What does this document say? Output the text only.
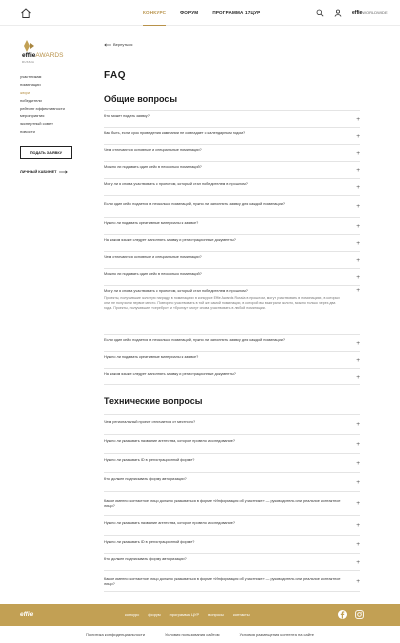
КОНКУРС	ФОРУМ	ПРОГРАММА 17ЦУР	effieWORLDWIDE
effieAWARDS
RUSSIA
участникам
номинации
жюри
победители
рейтинг эффективности
мероприятия
экспертный совет
новости
ПОДАТЬ ЗАЯВКУ
ЛИЧНЫЙ КАБИНЕТ
Вернуться
FAQ
Общие вопросы
Кто может подать заявку?	+
Как быть, если срок проведения кампании не совпадает с календарным годом?	+
Чем отличаются основные и специальные номинации?	+
Можно ли подавать один кейс в несколько номинаций?	+
Могу ли я снова участвовать с проектом, который стал победителем в прошлом?	+
Если один кейс подается в несколько номинаций, нужно ли заполнять заявку для каждой номинации?	+
Нужно ли подавать креативные материалы к заявке?	+
На каком языке следует заполнять заявку и регистрационные документы?	+
Чем отличаются основные и специальные номинации?	+
Можно ли подавать один кейс в несколько номинаций?	+
Могу ли я снова участвовать с проектом, который стал победителем в прошлом?	+
Проекты, получившие золотую награду в номинациях в конкурсе Effie Awards Russia в прошлом, могут участвовать в номинациях, в которых они не получили первое место. Повторно участвовать в той же самой номинации, в которой вы выиграли золото, можно только через два года. Проекты, получившие «серебро» и «бронзу» могут снова участвовать в любой номинации.
Если один кейс подается в несколько номинаций, нужно ли заполнять заявку для каждой номинации?	+
Нужно ли подавать креативные материалы к заявке?	+
На каком языке следует заполнять заявку и регистрационные документы?	+
Технические вопросы
Чем региональный проект отличается от местного?	+
Нужно ли указывать название агентства, которое провело исследование?	+
Нужно ли указывать ID в регистрационной форме?	+
Кто должен подписывать форму авторизации?	+
Какое именно контактное лицо должно указываться в форме «Информация об участнике» — руководитель или реальное контактное лицо?	+
Нужно ли указывать название агентства, которое провело исследование?	+
Нужно ли указывать ID в регистрационной форме?	+
Кто должен подписывать форму авторизации?	+
Какое именно контактное лицо должно указываться в форме «Информация об участнике» — руководитель или реальное контактное лицо?	+
effie	конкурс форум программа ЦУР вопросы контакты
Политика конфиденциальности	Условия пользования сайтом	Условия размещения контента на сайте
